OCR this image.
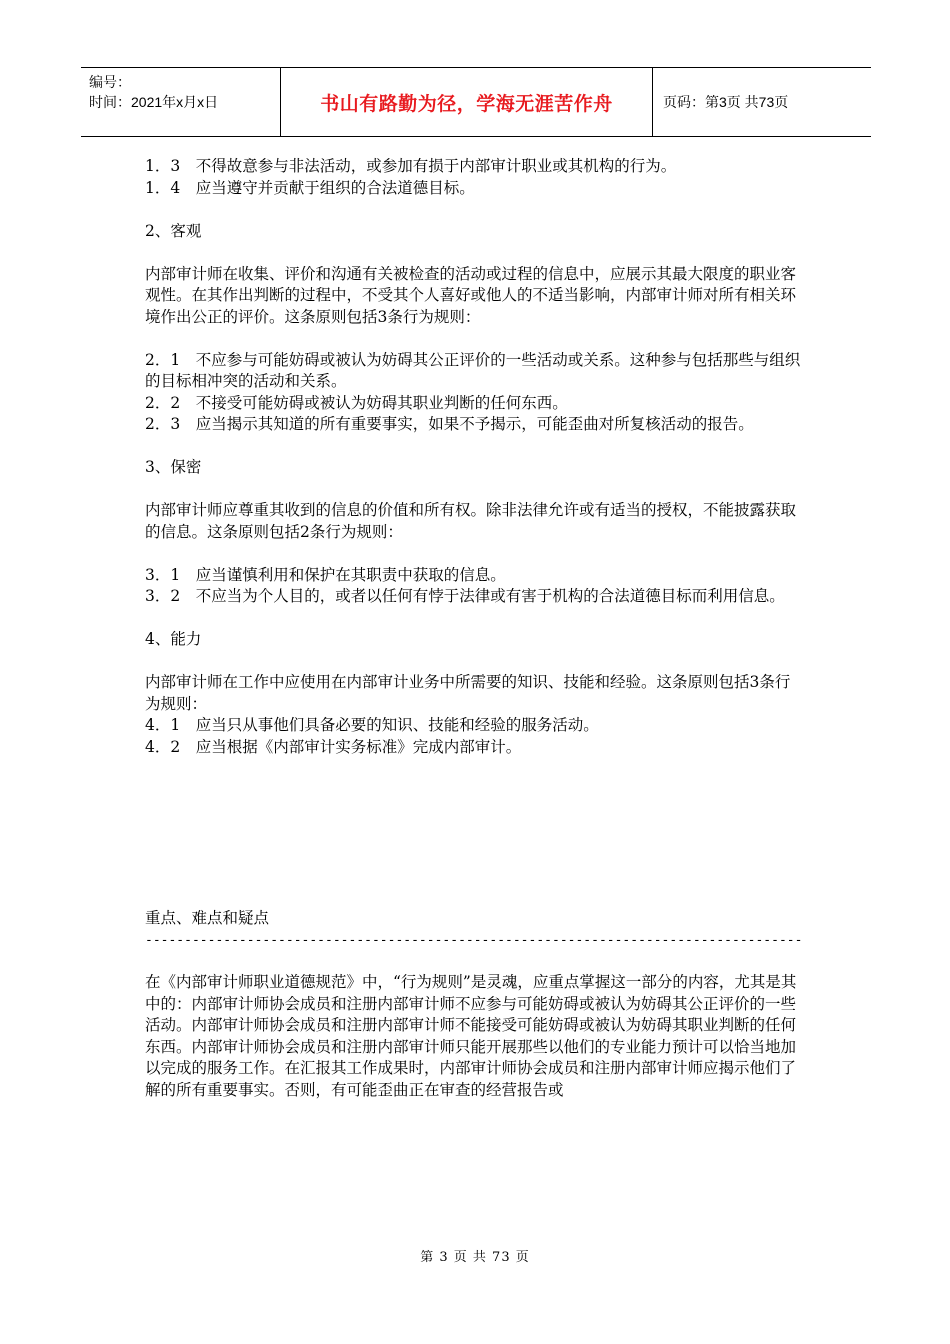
编号：
时间：2021年x月x日	书山有路勤为径，学海无涯苦作舟	页码：第3页 共73页

1．3　不得故意参与非法活动，或参加有损于内部审计职业或其机构的行为。

1．4　应当遵守并贡献于组织的合法道德目标。

2、客观

内部审计师在收集、评价和沟通有关被检查的活动或过程的信息中，应展示其最大限度的职业客观性。在其作出判断的过程中，不受其个人喜好或他人的不适当影响，内部审计师对所有相关环境作出公正的评价。这条原则包括3条行为规则：

2．1　不应参与可能妨碍或被认为妨碍其公正评价的一些活动或关系。这种参与包括那些与组织的目标相冲突的活动和关系。

2．2　不接受可能妨碍或被认为妨碍其职业判断的任何东西。

2．3　应当揭示其知道的所有重要事实，如果不予揭示，可能歪曲对所复核活动的报告。

3、保密

内部审计师应尊重其收到的信息的价值和所有权。除非法律允许或有适当的授权，不能披露获取的信息。这条原则包括2条行为规则：

3．1　应当谨慎利用和保护在其职责中获取的信息。

3．2　不应当为个人目的，或者以任何有悖于法律或有害于机构的合法道德目标而利用信息。

4、能力

内部审计师在工作中应使用在内部审计业务中所需要的知识、技能和经验。这条原则包括3条行为规则：

4．1　应当只从事他们具备必要的知识、技能和经验的服务活动。

4．2　应当根据《内部审计实务标准》完成内部审计。

重点、难点和疑点

------------------------------------------------------------------------------------

在《内部审计师职业道德规范》中，“行为规则”是灵魂，应重点掌握这一部分的内容，尤其是其中的：内部审计师协会成员和注册内部审计师不应参与可能妨碍或被认为妨碍其公正评价的一些活动。内部审计师协会成员和注册内部审计师不能接受可能妨碍或被认为妨碍其职业判断的任何东西。内部审计师协会成员和注册内部审计师只能开展那些以他们的专业能力预计可以恰当地加以完成的服务工作。在汇报其工作成果时，内部审计师协会成员和注册内部审计师应揭示他们了解的所有重要事实。否则，有可能歪曲正在审查的经营报告或

第 3 页 共 73 页
